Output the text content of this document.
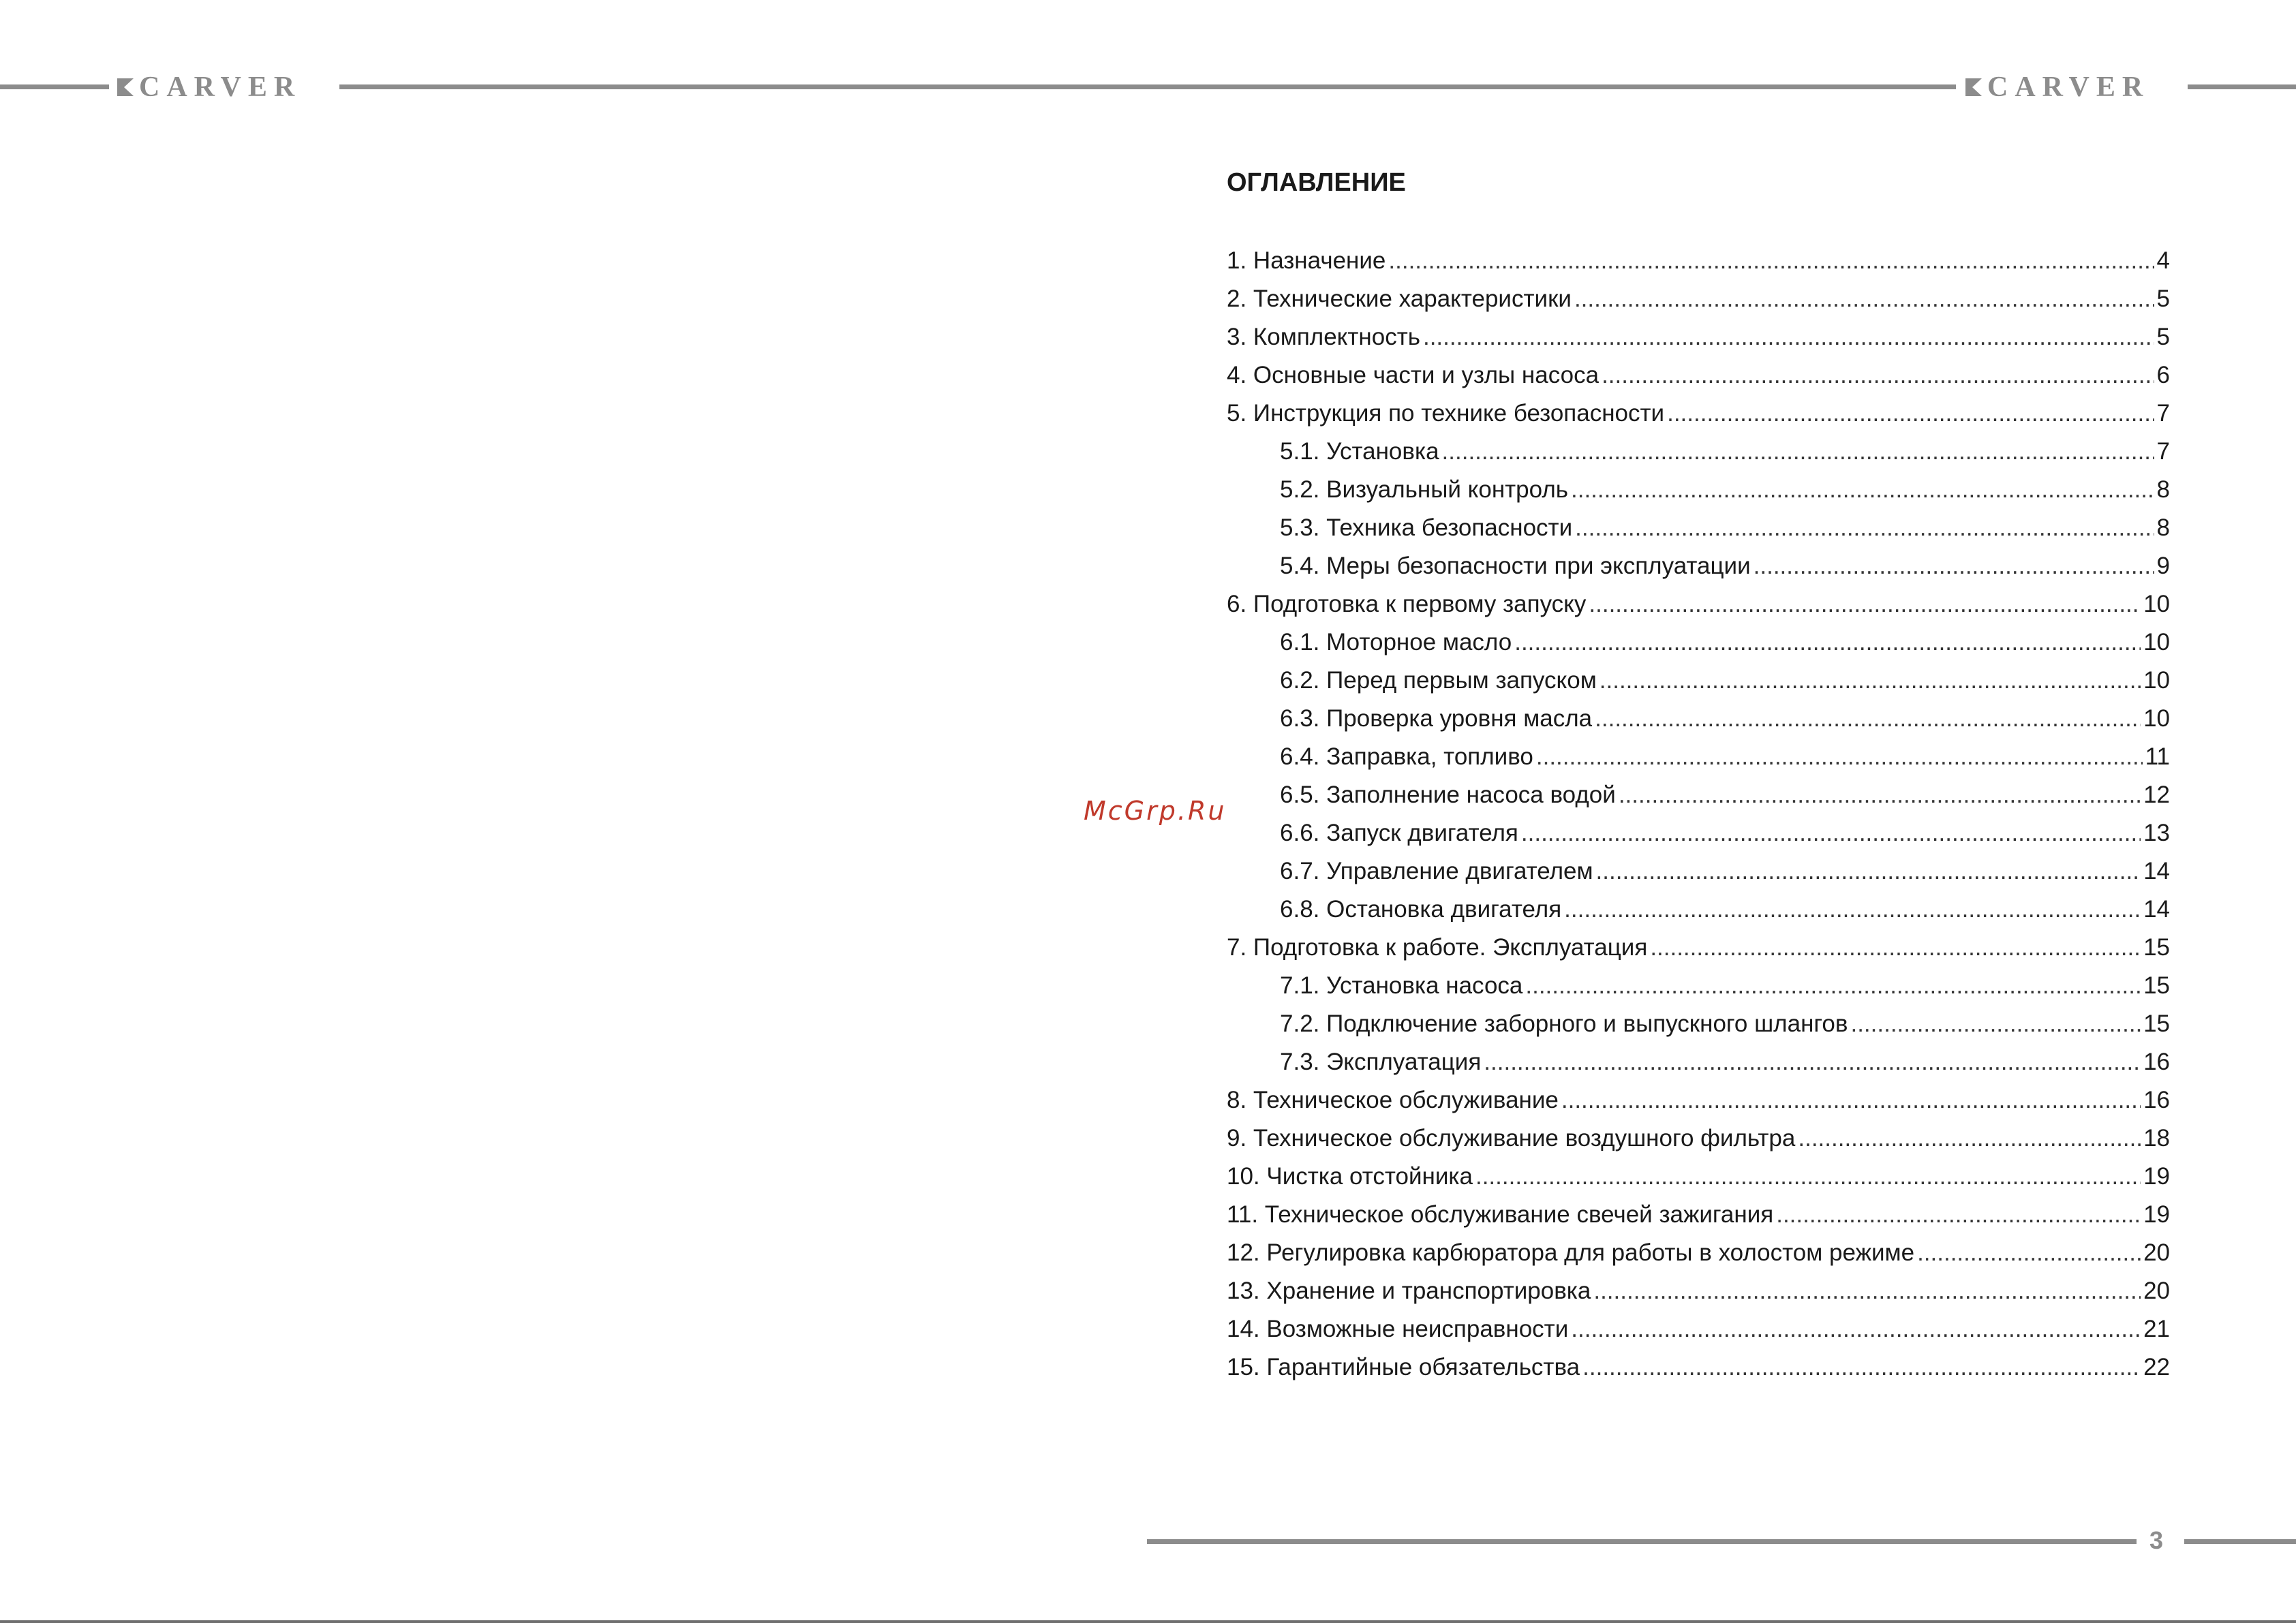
CARVER	CARVER
ОГЛАВЛЕНИЕ
1. Назначение .....	4
2. Технические характеристики .....	5
3. Комплектность .....	5
4. Основные части и узлы насоса .....	6
5. Инструкция по технике безопасности .....	7
5.1. Установка .....	7
5.2. Визуальный контроль .....	8
5.3. Техника безопасности .....	8
5.4. Меры безопасности при эксплуатации .....	9
6. Подготовка к первому запуску .....	10
6.1. Моторное масло .....	10
6.2. Перед первым запуском .....	10
6.3. Проверка уровня масла .....	10
6.4. Заправка, топливо .....	11
6.5. Заполнение насоса водой .....	12
6.6. Запуск двигателя .....	13
6.7. Управление двигателем .....	14
6.8. Остановка двигателя .....	14
7. Подготовка к работе. Эксплуатация .....	15
7.1. Установка насоса .....	15
7.2. Подключение заборного и выпускного шлангов .....	15
7.3. Эксплуатация .....	16
8. Техническое обслуживание .....	16
9. Техническое обслуживание воздушного фильтра .....	18
10. Чистка отстойника .....	19
11. Техническое обслуживание свечей зажигания .....	19
12. Регулировка карбюратора для работы в холостом режиме .....	20
13. Хранение и транспортировка .....	20
14. Возможные неисправности .....	21
15. Гарантийные обязательства .....	22
McGrp.Ru
3
